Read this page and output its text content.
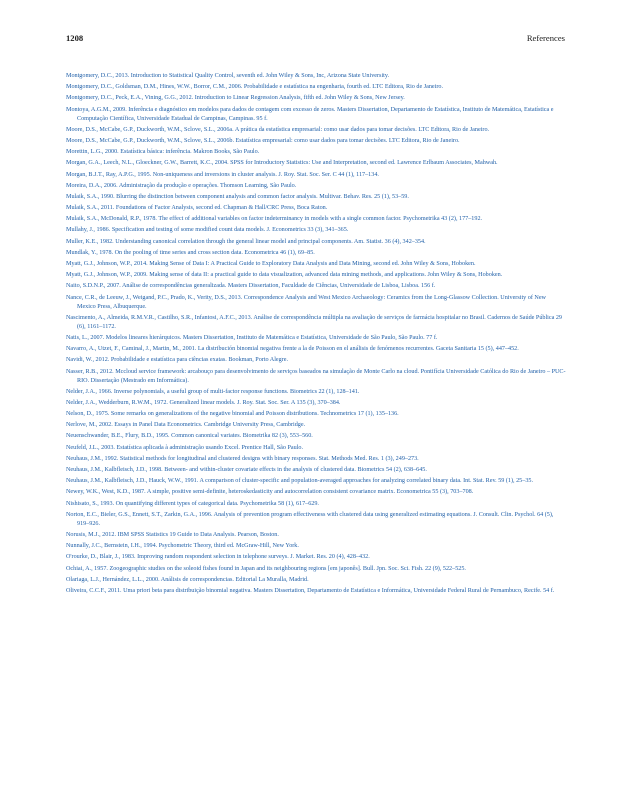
1208	References

Montgomery, D.C., 2013. Introduction to Statistical Quality Control, seventh ed. John Wiley & Sons, Inc, Arizona State University.

Montgomery, D.C., Goldsman, D.M., Hines, W.W., Borror, C.M., 2006. Probabilidade e estatística na engenharia, fourth ed. LTC Editora, Rio de Janeiro.

Montgomery, D.C., Peck, E.A., Vining, G.G., 2012. Introduction to Linear Regression Analysis, fifth ed. John Wiley & Sons, New Jersey.

Montoya, A.G.M., 2009. Inferência e diagnóstico em modelos para dados de contagem com excesso de zeros. Masters Dissertation, Departamento de Estatística, Instituto de Matemática, Estatística e Computação Científica, Universidade Estadual de Campinas, Campinas. 95 f.

Moore, D.S., McCabe, G.P., Duckworth, W.M., Sclove, S.L., 2006a. A prática da estatística empresarial: como usar dados para tomar decisões. LTC Editora, Rio de Janeiro.

Moore, D.S., McCabe, G.P., Duckworth, W.M., Sclove, S.L., 2006b. Estatística empresarial: como usar dados para tomar decisões. LTC Editora, Rio de Janeiro.

Morettin, L.G., 2000. Estatística básica: inferência. Makron Books, São Paulo.

Morgan, G.A., Leech, N.L., Gloeckner, G.W., Barrett, K.C., 2004. SPSS for Introductory Statistics: Use and Interpretation, second ed. Lawrence Erlbaum Associates, Mahwah.

Morgan, B.J.T., Ray, A.P.G., 1995. Non-uniqueness and inversions in cluster analysis. J. Roy. Stat. Soc. Ser. C 44 (1), 117–134.

Moreira, D.A., 2006. Administração da produção e operações. Thomson Learning, São Paulo.

Mulaik, S.A., 1990. Blurring the distinction between component analysis and common factor analysis. Multivar. Behav. Res. 25 (1), 53–59.

Mulaik, S.A., 2011. Foundations of Factor Analysis, second ed. Chapman & Hall/CRC Press, Boca Raton.

Mulaik, S.A., McDonald, R.P., 1978. The effect of additional variables on factor indeterminancy in models with a single common factor. Psychometrika 43 (2), 177–192.

Mullahy, J., 1986. Specification and testing of some modified count data models. J. Econometrics 33 (3), 341–365.

Muller, K.E., 1982. Understanding canonical correlation through the general linear model and principal components. Am. Statist. 36 (4), 342–354.

Mundlak, Y., 1978. On the pooling of time series and cross section data. Econometrica 46 (1), 69–85.

Myatt, G.J., Johnson, W.P., 2014. Making Sense of Data I: A Practical Guide to Exploratory Data Analysis and Data Mining, second ed. John Wiley & Sons, Hoboken.

Myatt, G.J., Johnson, W.P., 2009. Making sense of data II: a practical guide to data visualization, advanced data mining methods, and applications. John Wiley & Sons, Hoboken.

Naito, S.D.N.P., 2007. Análise de correspondências generalizada. Masters Dissertation, Faculdade de Ciências, Universidade de Lisboa, Lisboa. 156 f.

Nance, C.R., de Leeuw, J., Weigand, P.C., Prado, K., Verity, D.S., 2013. Correspondence Analysis and West Mexico Archaeology: Ceramics from the Long-Glassow Collection. University of New Mexico Press, Albuquerque.

Nascimento, A., Almeida, R.M.V.R., Castilho, S.R., Infantosi, A.F.C., 2013. Análise de correspondência múltipla na avaliação de serviços de farmácia hospitalar no Brasil. Cadernos de Saúde Pública 29 (6), 1161–1172.

Natis, L., 2007. Modelos lineares hierárquicos. Masters Dissertation, Instituto de Matemática e Estatística, Universidade de São Paulo, São Paulo. 77 f.

Navarro, A., Utzet, F., Caminal, J., Martin, M., 2001. La distribución binomial negativa frente a la de Poisson en el análisis de fenómenos recurrentes. Gaceta Sanitaria 15 (5), 447–452.

Navidi, W., 2012. Probabilidade e estatística para ciências exatas. Bookman, Porto Alegre.

Nasser, R.B., 2012. Mccloud service framework: arcabouço para desenvolvimento de serviços baseados na simulação de Monte Carlo na cloud. Pontifícia Universidade Católica do Rio de Janeiro – PUC-RIO. Dissertação (Mestrado em Informática).

Nelder, J.A., 1966. Inverse polynomials, a useful group of multi-factor response functions. Biometrics 22 (1), 128–141.

Nelder, J.A., Wedderburn, R.W.M., 1972. Generalized linear models. J. Roy. Stat. Soc. Ser. A 135 (3), 370–384.

Nelson, D., 1975. Some remarks on generalizations of the negative binomial and Poisson distributions. Technometrics 17 (1), 135–136.

Nerlove, M., 2002. Essays in Panel Data Econometrics. Cambridge University Press, Cambridge.

Neuenschwander, B.E., Flury, B.D., 1995. Common canonical variates. Biometrika 82 (3), 553–560.

Neufeld, J.L., 2003. Estatística aplicada à administração usando Excel. Prentice Hall, São Paulo.

Neuhaus, J.M., 1992. Statistical methods for longitudinal and clustered designs with binary responses. Stat. Methods Med. Res. 1 (3), 249–273.

Neuhaus, J.M., Kalbfleisch, J.D., 1998. Between- and within-cluster covariate effects in the analysis of clustered data. Biometrics 54 (2), 638–645.

Neuhaus, J.M., Kalbfleisch, J.D., Hauck, W.W., 1991. A comparison of cluster-specific and population-averaged approaches for analyzing correlated binary data. Int. Stat. Rev. 59 (1), 25–35.

Newey, W.K., West, K.D., 1987. A simple, positive semi-definite, heteroskedasticity and autocorrelation consistent covariance matrix. Econometrica 55 (3), 703–708.

Nishisato, S., 1993. On quantifying different types of categorical data. Psychometrika 58 (1), 617–629.

Norton, E.C., Bieler, G.S., Ennett, S.T., Zarkin, G.A., 1996. Analysis of prevention program effectiveness with clustered data using generalized estimating equations. J. Consult. Clin. Psychol. 64 (5), 919–926.

Norusis, M.J., 2012. IBM SPSS Statistics 19 Guide to Data Analysis. Pearson, Boston.

Nunnally, J.C., Bernstein, I.H., 1994. Psychometric Theory, third ed. McGraw-Hill, New York.

O'rourke, D., Blair, J., 1983. Improving random respondent selection in telephone surveys. J. Market. Res. 20 (4), 428–432.

Ochiai, A., 1957. Zoogeographic studies on the soleoid fishes found in Japan and its neighbouring regions [em japonês]. Bull. Jpn. Soc. Sci. Fish. 22 (9), 522–525.

Olariaga, L.J., Hernández, L.L., 2000. Análisis de correspondencias. Editorial La Muralla, Madrid.

Oliveira, C.C.F., 2011. Uma priori beta para distribuição binomial negativa. Masters Dissertation, Departamento de Estatística e Informática, Universidade Federal Rural de Pernambuco, Recife. 54 f.
